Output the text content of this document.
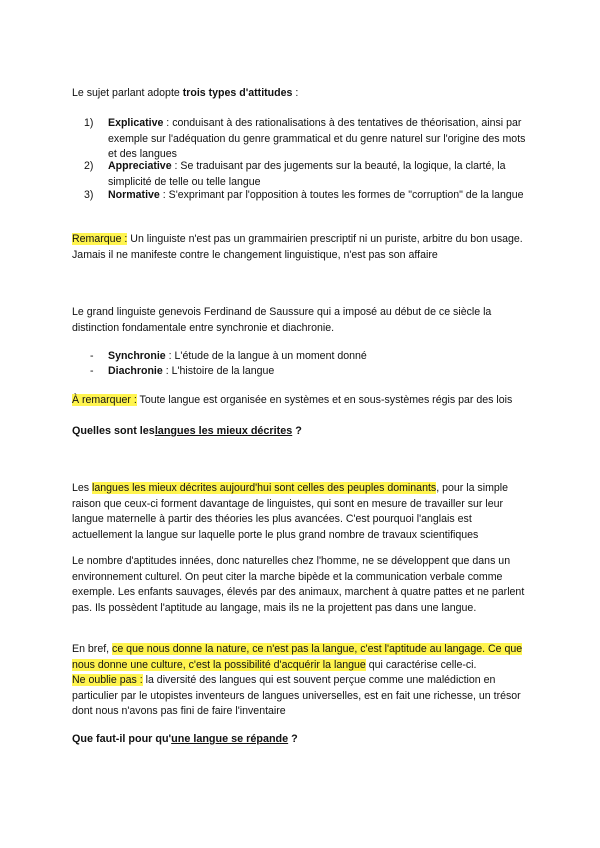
Le sujet parlant adopte trois types d'attitudes :

1)	Explicative : conduisant à des rationalisations à des tentatives de théorisation, ainsi par exemple sur l'adéquation du genre grammatical et du genre naturel sur l'origine des mots et des langues
2)	Appreciative : Se traduisant par des jugements sur la beauté, la logique, la clarté, la simplicité de telle ou telle langue
3)	Normative : S'exprimant par l'opposition à toutes les formes de "corruption" de la langue

Remarque : Un linguiste n'est pas un grammairien prescriptif ni un puriste, arbitre du bon usage. Jamais il ne manifeste contre le changement linguistique, n'est pas son affaire

Le grand linguiste genevois Ferdinand de Saussure qui a imposé au début de ce siècle la distinction fondamentale entre synchronie et diachronie.

- Synchronie : L'étude de la langue à un moment donné
- Diachronie : L'histoire de la langue

À remarquer : Toute langue est organisée en systèmes et en sous-systèmes régis par des lois

Quelles sont leslangues les mieux décrites ?

Les langues les mieux décrites aujourd'hui sont celles des peuples dominants, pour la simple raison que ceux-ci forment davantage de linguistes, qui sont en mesure de travailler sur leur langue maternelle à partir des théories les plus avancées. C'est pourquoi l'anglais est actuellement la langue sur laquelle porte le plus grand nombre de travaux scientifiques

Le nombre d'aptitudes innées, donc naturelles chez l'homme, ne se développent que dans un environnement culturel. On peut citer la marche bipède et la communication verbale comme exemple. Les enfants sauvages, élevés par des animaux, marchent à quatre pattes et ne parlent pas. Ils possèdent l'aptitude au langage, mais ils ne la projettent pas dans une langue.

En bref, ce que nous donne la nature, ce n'est pas la langue, c'est l'aptitude au langage. Ce que nous donne une culture, c'est la possibilité d'acquérir la langue qui caractérise celle-ci.
Ne oublie pas : la diversité des langues qui est souvent perçue comme une malédiction en particulier par le utopistes inventeurs de langues universelles, est en fait une richesse, un trésor dont nous n'avons pas fini de faire l'inventaire

Que faut-il pour qu'une langue se répande ?
